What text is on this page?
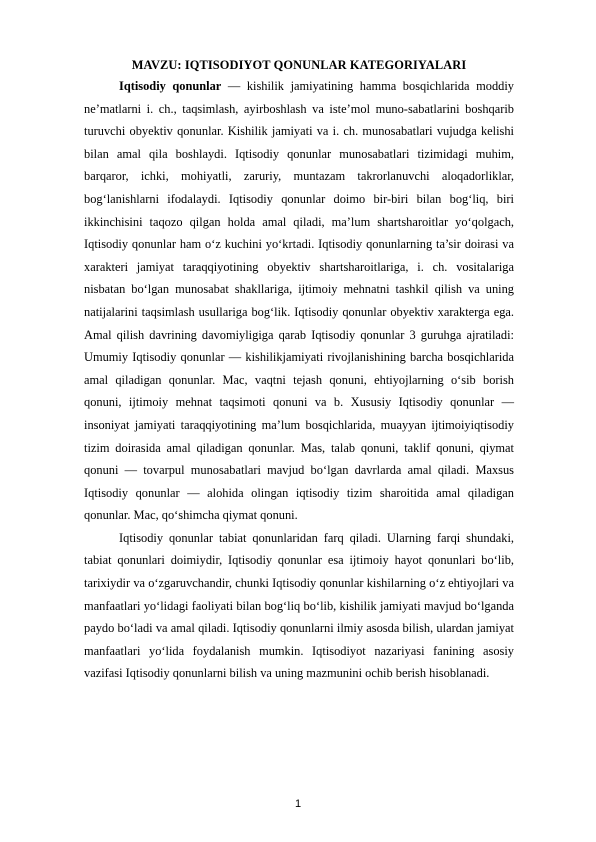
MAVZU: IQTISODIYOT QONUNLAR KATEGORIYALARI

Iqtisodiy qonunlar — kishilik jamiyatining hamma bosqichlarida moddiy ne’matlarni i. ch., taqsimlash, ayirboshlash va iste’mol muno-sabatlarini boshqarib turuvchi obyektiv qonunlar. Kishilik jamiyati va i. ch. munosabatlari vujudga kelishi bilan amal qila boshlaydi. Iqtisodiy qonunlar munosabatlari tizimidagi muhim, barqaror, ichki, mohiyatli, zaruriy, muntazam takrorlanuvchi aloqadorliklar, bog‘lanishlarni ifodalaydi. Iqtisodiy qonunlar doimo bir-biri bilan bog‘liq, biri ikkinchisini taqozo qilgan holda amal qiladi, ma’lum shartsharoitlar yo‘qolgach, Iqtisodiy qonunlar ham o‘z kuchini yo‘krtadi. Iqtisodiy qonunlarning ta’sir doirasi va xarakteri jamiyat taraqqiyotining obyektiv shartsharoitlariga, i. ch. vositalariga nisbatan bo‘lgan munosabat shakllariga, ijtimoiy mehnatni tashkil qilish va uning natijalarini taqsimlash usullariga bog‘lik. Iqtisodiy qonunlar obyektiv xarakterga ega. Amal qilish davrining davomiyligiga qarab Iqtisodiy qonunlar 3 guruhga ajratiladi: Umumiy Iqtisodiy qonunlar — kishilikjamiyati rivojlanishining barcha bosqichlarida amal qiladigan qonunlar. Mac, vaqtni tejash qonuni, ehtiyojlarning o‘sib borish qonuni, ijtimoiy mehnat taqsimoti qonuni va b. Xususiy Iqtisodiy qonunlar — insoniyat jamiyati taraqqiyotining ma’lum bosqichlarida, muayyan ijtimoiyiqtisodiy tizim doirasida amal qiladigan qonunlar. Mas, talab qonuni, taklif qonuni, qiymat qonuni — tovarpul munosabatlari mavjud bo‘lgan davrlarda amal qiladi. Maxsus Iqtisodiy qonunlar — alohida olingan iqtisodiy tizim sharoitida amal qiladigan qonunlar. Mac, qo‘shimcha qiymat qonuni.

Iqtisodiy qonunlar tabiat qonunlaridan farq qiladi. Ularning farqi shundaki, tabiat qonunlari doimiydir, Iqtisodiy qonunlar esa ijtimoiy hayot qonunlari bo‘lib, tarixiydir va o‘zgaruvchandir, chunki Iqtisodiy qonunlar kishilarning o‘z ehtiyojlari va manfaatlari yo‘lidagi faoliyati bilan bog‘liq bo‘lib, kishilik jamiyati mavjud bo‘lganda paydo bo‘ladi va amal qiladi. Iqtisodiy qonunlarni ilmiy asosda bilish, ulardan jamiyat manfaatlari yo‘lida foydalanish mumkin. Iqtisodiyot nazariyasi fanining asosiy vazifasi Iqtisodiy qonunlarni bilish va uning mazmunini ochib berish hisoblanadi.

1
